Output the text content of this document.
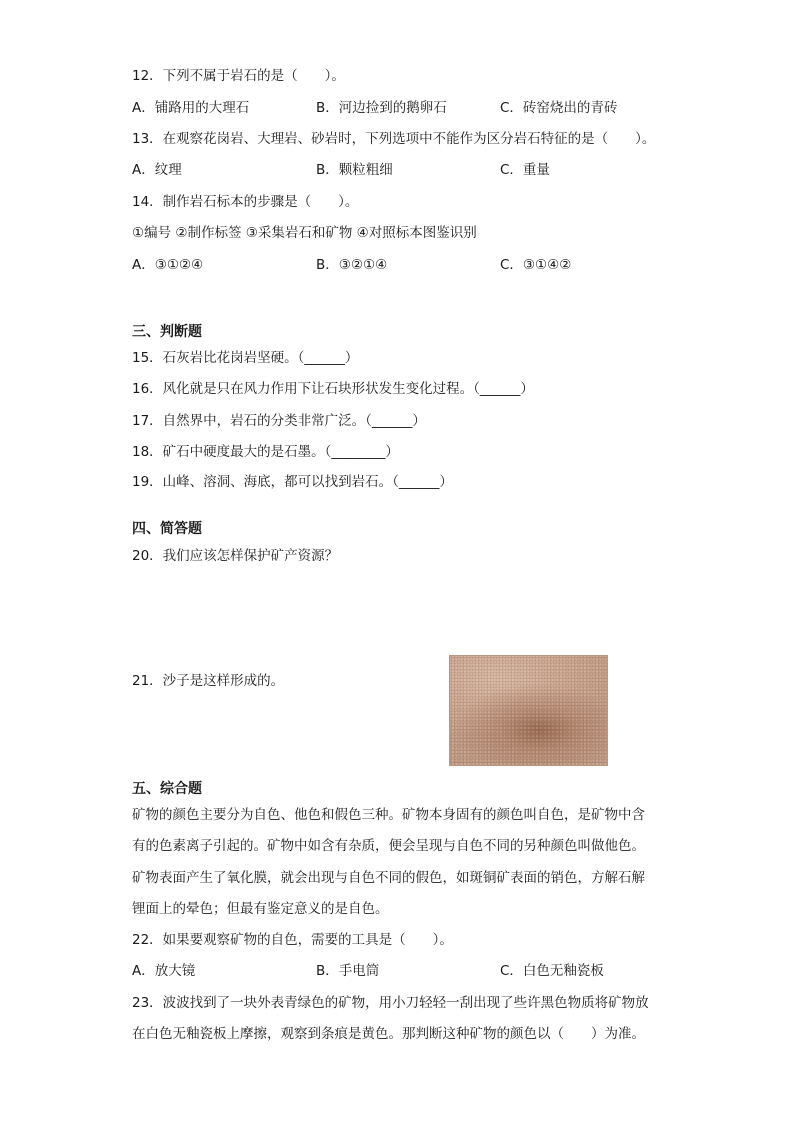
12．下列不属于岩石的是（　　）。
A．铺路用的大理石	B．河边捡到的鹅卵石	C．砖窑烧出的青砖
13．在观察花岗岩、大理岩、砂岩时，下列选项中不能作为区分岩石特征的是（　　）。
A．纹理	B．颗粒粗细	C．重量
14．制作岩石标本的步骤是（　　）。
①编号 ②制作标签 ③采集岩石和矿物 ④对照标本图鉴识别
A．③①②④	B．③②①④	C．③①④②
三、判断题
15．石灰岩比花岗岩坚硬。（______）
16．风化就是只在风力作用下让石块形状发生变化过程。（______）
17．自然界中，岩石的分类非常广泛。（______）
18．矿石中硬度最大的是石墨。（________）
19．山峰、溶洞、海底，都可以找到岩石。（______）
四、简答题
20．我们应该怎样保护矿产资源？
21．沙子是这样形成的。
五、综合题
矿物的颜色主要分为自色、他色和假色三种。矿物本身固有的颜色叫自色，是矿物中含
有的色素离子引起的。矿物中如含有杂质，便会呈现与自色不同的另种颜色叫做他色。
矿物表面产生了氧化膜，就会出现与自色不同的假色，如斑铜矿表面的销色，方解石解
锂面上的晕色；但最有鉴定意义的是自色。
22．如果要观察矿物的自色，需要的工具是（　　）。
A．放大镜	B．手电筒	C．白色无釉瓷板
23．波波找到了一块外表青绿色的矿物，用小刀轻轻一刮出现了些许黑色物质将矿物放
在白色无釉瓷板上摩擦，观察到条痕是黄色。那判断这种矿物的颜色以（　　）为准。
